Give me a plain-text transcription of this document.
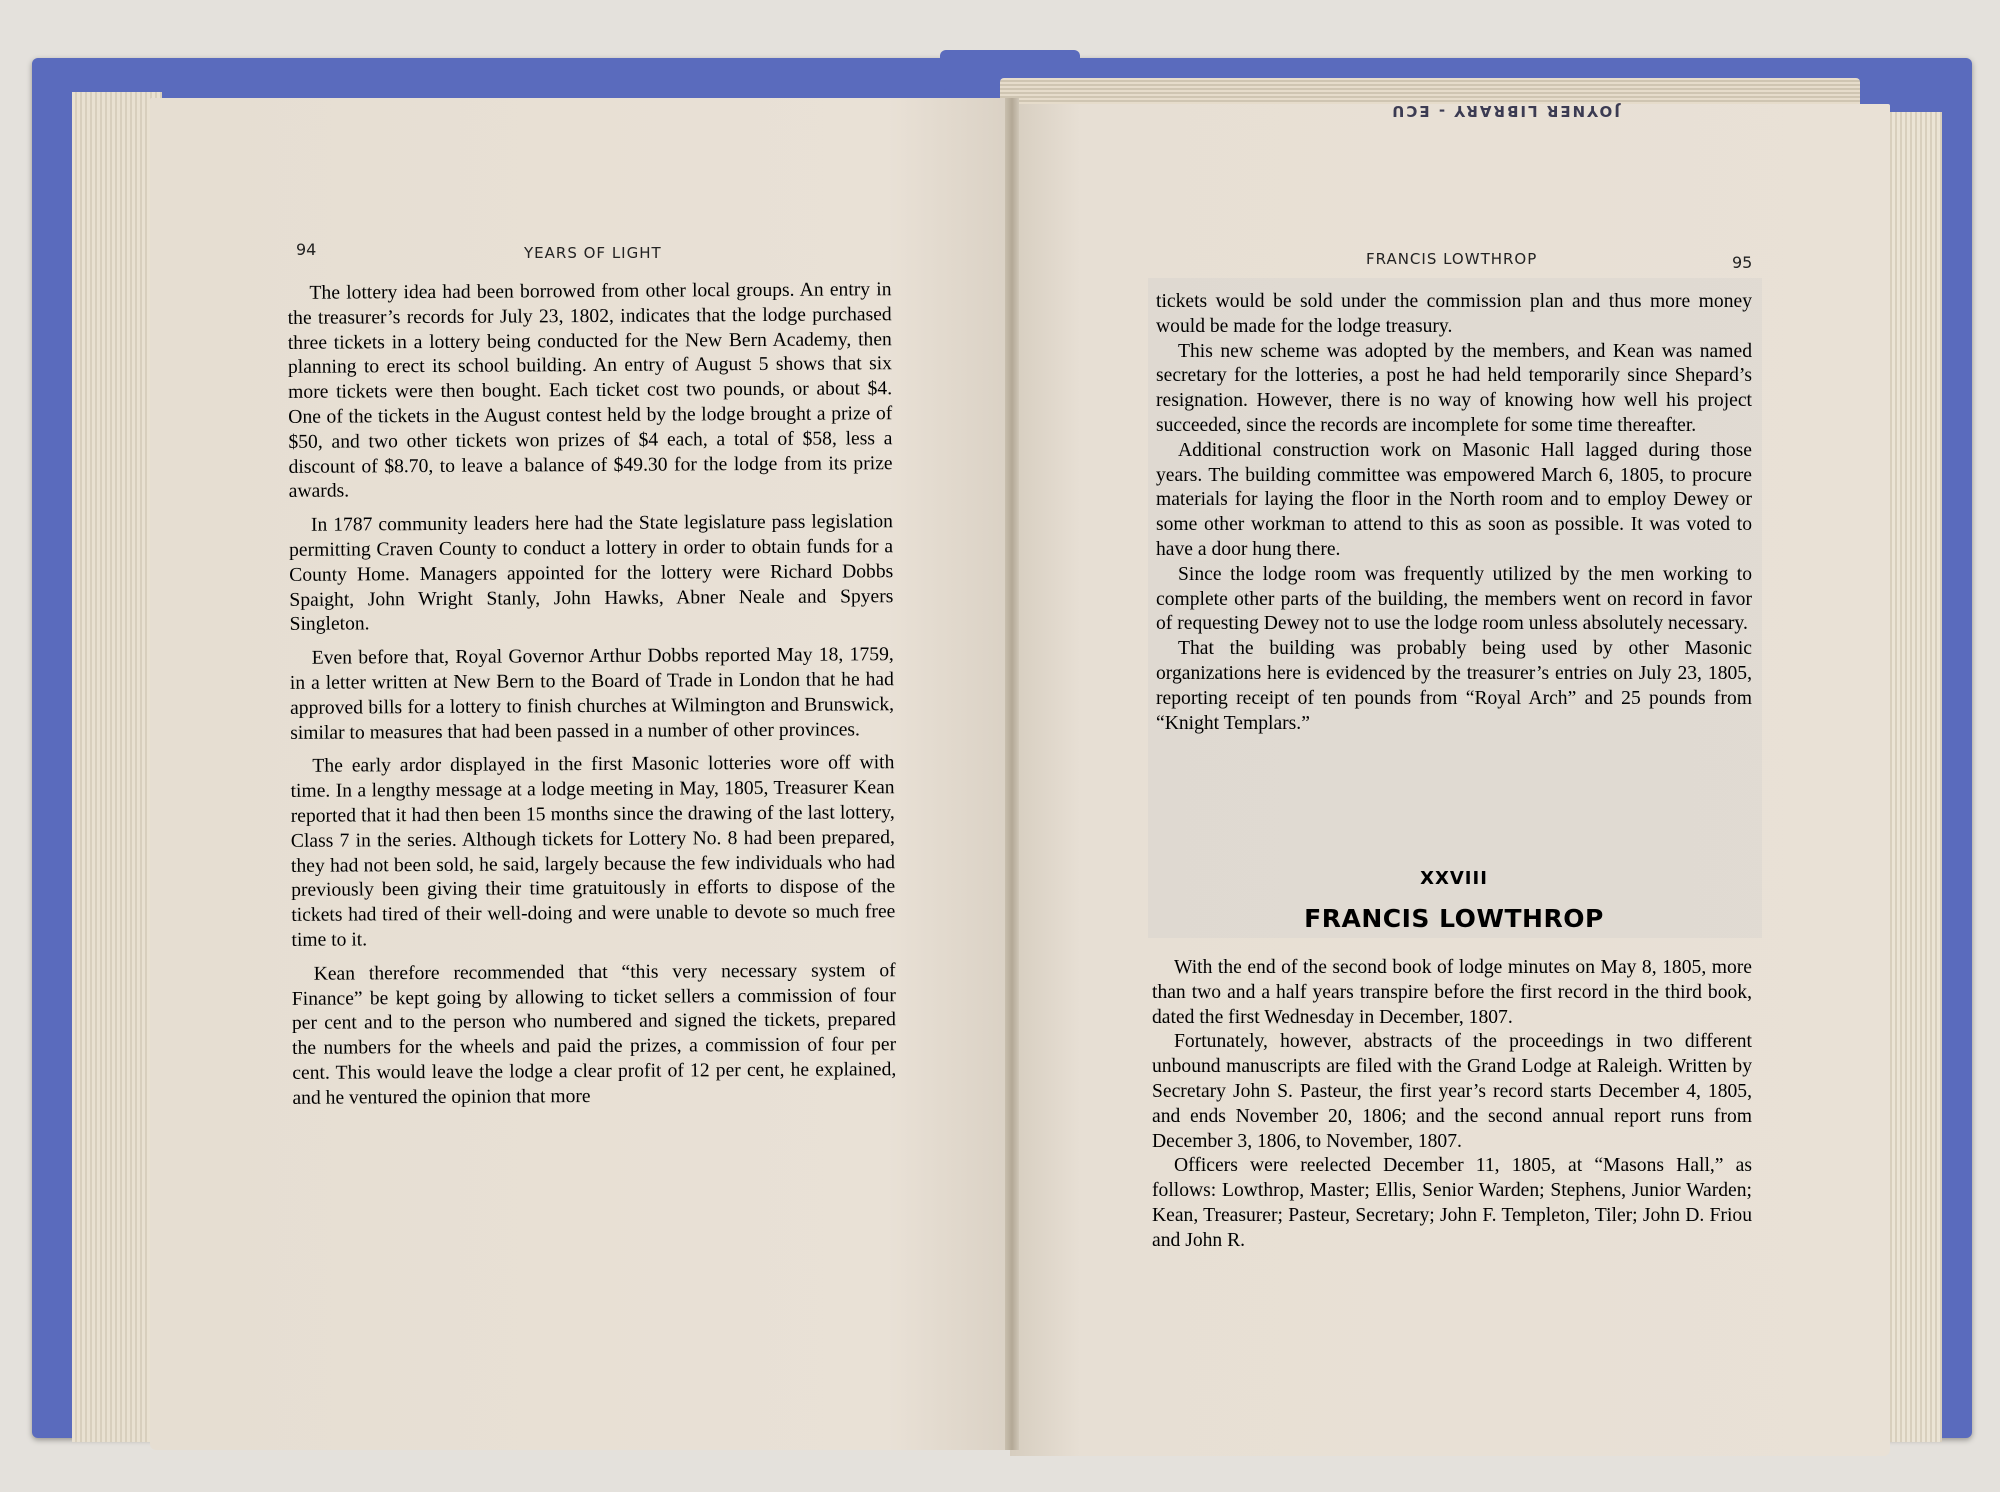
JOYNER LIBRARY - ECU
94	YEARS OF LIGHT	FRANCIS LOWTHROP	95

The lottery idea had been borrowed from other local groups. An entry in the treasurer’s records for July 23, 1802, indicates that the lodge purchased three tickets in a lottery being conducted for the New Bern Academy, then planning to erect its school building. An entry of August 5 shows that six more tickets were then bought. Each ticket cost two pounds, or about $4. One of the tickets in the August contest held by the lodge brought a prize of $50, and two other tickets won prizes of $4 each, a total of $58, less a discount of $8.70, to leave a balance of $49.30 for the lodge from its prize awards.

In 1787 community leaders here had the State legislature pass legislation permitting Craven County to conduct a lottery in order to obtain funds for a County Home. Managers appointed for the lottery were Richard Dobbs Spaight, John Wright Stanly, John Hawks, Abner Neale and Spyers Singleton.

Even before that, Royal Governor Arthur Dobbs reported May 18, 1759, in a letter written at New Bern to the Board of Trade in London that he had approved bills for a lottery to finish churches at Wilmington and Brunswick, similar to measures that had been passed in a number of other provinces.

The early ardor displayed in the first Masonic lotteries wore off with time. In a lengthy message at a lodge meeting in May, 1805, Treasurer Kean reported that it had then been 15 months since the drawing of the last lottery, Class 7 in the series. Although tickets for Lottery No. 8 had been prepared, they had not been sold, he said, largely because the few individuals who had previously been giving their time gratuitously in efforts to dispose of the tickets had tired of their well-doing and were unable to devote so much free time to it.

Kean therefore recommended that “this very necessary system of Finance” be kept going by allowing to ticket sellers a commission of four per cent and to the person who numbered and signed the tickets, prepared the numbers for the wheels and paid the prizes, a commission of four per cent. This would leave the lodge a clear profit of 12 per cent, he explained, and he ventured the opinion that more

tickets would be sold under the commission plan and thus more money would be made for the lodge treasury.

This new scheme was adopted by the members, and Kean was named secretary for the lotteries, a post he had held temporarily since Shepard’s resignation. However, there is no way of knowing how well his project succeeded, since the records are incomplete for some time thereafter.

Additional construction work on Masonic Hall lagged during those years. The building committee was empowered March 6, 1805, to procure materials for laying the floor in the North room and to employ Dewey or some other workman to attend to this as soon as possible. It was voted to have a door hung there.

Since the lodge room was frequently utilized by the men working to complete other parts of the building, the members went on record in favor of requesting Dewey not to use the lodge room unless absolutely necessary.

That the building was probably being used by other Masonic organizations here is evidenced by the treasurer’s entries on July 23, 1805, reporting receipt of ten pounds from “Royal Arch” and 25 pounds from “Knight Templars.”

XXVIII
FRANCIS LOWTHROP

With the end of the second book of lodge minutes on May 8, 1805, more than two and a half years transpire before the first record in the third book, dated the first Wednesday in December, 1807.

Fortunately, however, abstracts of the proceedings in two different unbound manuscripts are filed with the Grand Lodge at Raleigh. Written by Secretary John S. Pasteur, the first year’s record starts December 4, 1805, and ends November 20, 1806; and the second annual report runs from December 3, 1806, to November, 1807.

Officers were reelected December 11, 1805, at “Masons Hall,” as follows: Lowthrop, Master; Ellis, Senior Warden; Stephens, Junior Warden; Kean, Treasurer; Pasteur, Secretary; John F. Templeton, Tiler; John D. Friou and John R.
